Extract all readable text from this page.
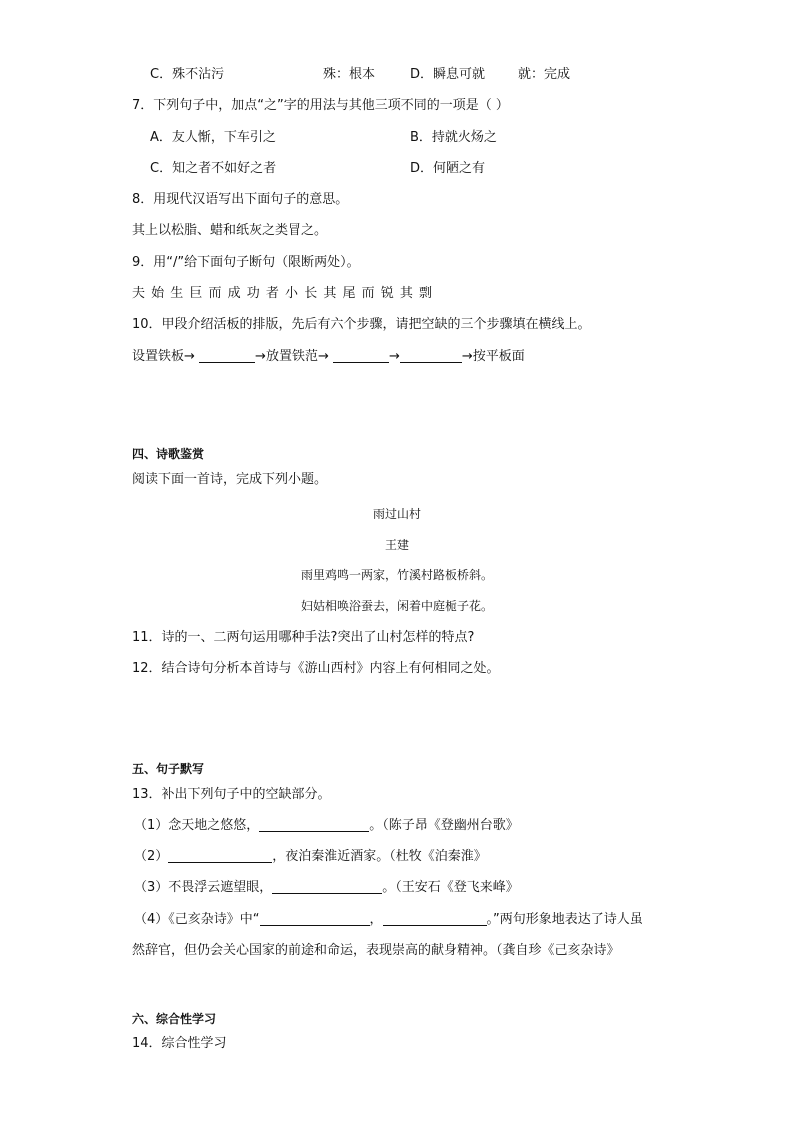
C．殊不沾污	殊：根本	D．瞬息可就	就：完成
7．下列句子中，加点“之”字的用法与其他三项不同的一项是（ ）
A．友人惭，下车引之	B．持就火炀之
C．知之者不如好之者	D．何陋之有
8．用现代汉语写出下面句子的意思。
其上以松脂、蜡和纸灰之类冒之。
9．用“/”给下面句子断句（限断两处）。
夫 始 生 巨 而 成 功 者 小 长 其 尾 而 锐 其 剽
10．甲段介绍活板的排版，先后有六个步骤，请把空缺的三个步骤填在横线上。
设置铁板→	→放置铁范→	→	→按平板面
四、诗歌鉴赏
阅读下面一首诗，完成下列小题。
雨过山村
王建
雨里鸡鸣一两家，竹溪村路板桥斜。
妇姑相唤浴蚕去，闲着中庭栀子花。
11．诗的一、二两句运用哪种手法?突出了山村怎样的特点?
12．结合诗句分析本首诗与《游山西村》内容上有何相同之处。
五、句子默写
13．补出下列句子中的空缺部分。
（1）念天地之悠悠，	。（陈子昂《登幽州台歌》
（2）	，夜泊秦淮近酒家。（杜牧《泊秦淮》
（3）不畏浮云遮望眼，	。（王安石《登飞来峰》
（4）《己亥杂诗》中“	，	。”两句形象地表达了诗人虽
然辞官，但仍会关心国家的前途和命运，表现崇高的献身精神。（龚自珍《己亥杂诗》
六、综合性学习
14．综合性学习
